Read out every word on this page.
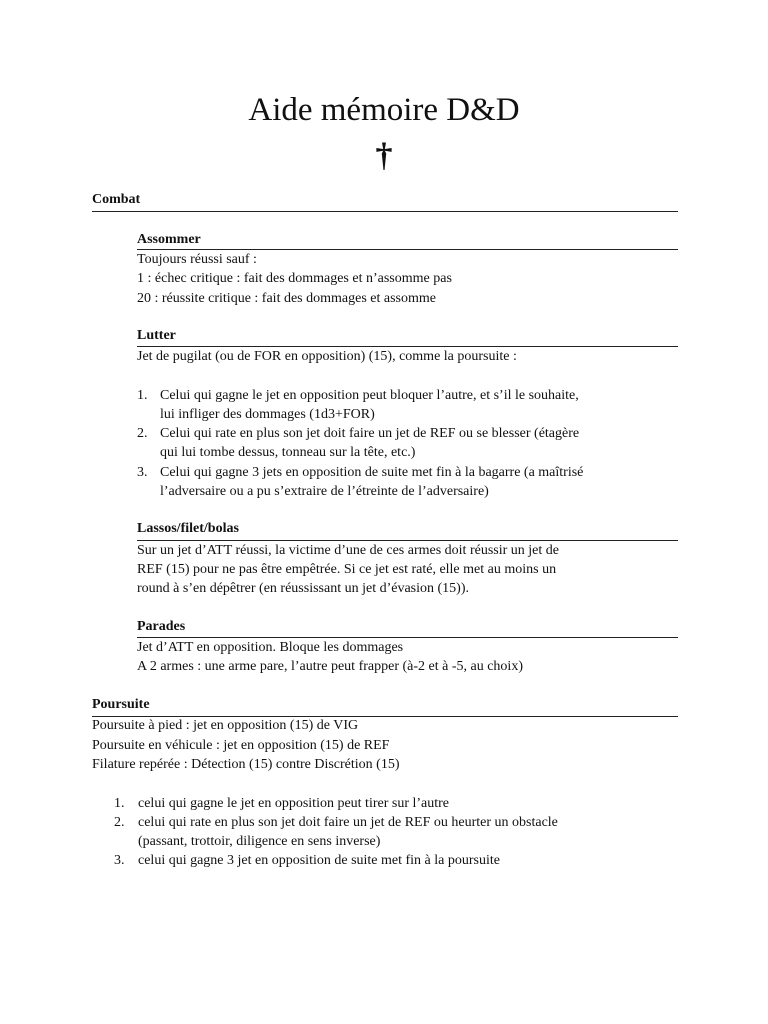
Aide mémoire D&D
†
Combat
Assommer
Toujours réussi sauf :
1 : échec critique : fait des dommages et n’assomme pas
20 : réussite critique : fait des dommages et assomme
Lutter
Jet de pugilat (ou de FOR en opposition) (15), comme la poursuite :
1. Celui qui gagne le jet en opposition peut bloquer l’autre, et s’il le souhaite,
lui infliger des dommages (1d3+FOR)
2. Celui qui rate en plus son jet doit faire un jet de REF ou se blesser (étagère
qui lui tombe dessus, tonneau sur la tête, etc.)
3. Celui qui gagne 3 jets en opposition de suite met fin à la bagarre (a maîtrisé
l’adversaire ou a pu s’extraire de l’étreinte de l’adversaire)
Lassos/filet/bolas
Sur un jet d’ATT réussi, la victime d’une de ces armes doit réussir un jet de
REF (15) pour ne pas être empêtrée. Si ce jet est raté, elle met au moins un
round à s’en dépêtrer (en réussissant un jet d’évasion (15)).
Parades
Jet d’ATT en opposition. Bloque les dommages
A 2 armes : une arme pare, l’autre peut frapper (à-2 et à -5, au choix)
Poursuite
Poursuite à pied : jet en opposition (15) de VIG
Poursuite en véhicule : jet en opposition (15) de REF
Filature repérée : Détection (15) contre Discrétion (15)
1. celui qui gagne le jet en opposition peut tirer sur l’autre
2. celui qui rate en plus son jet doit faire un jet de REF ou heurter un obstacle
(passant, trottoir, diligence en sens inverse)
3. celui qui gagne 3 jet en opposition de suite met fin à la poursuite
